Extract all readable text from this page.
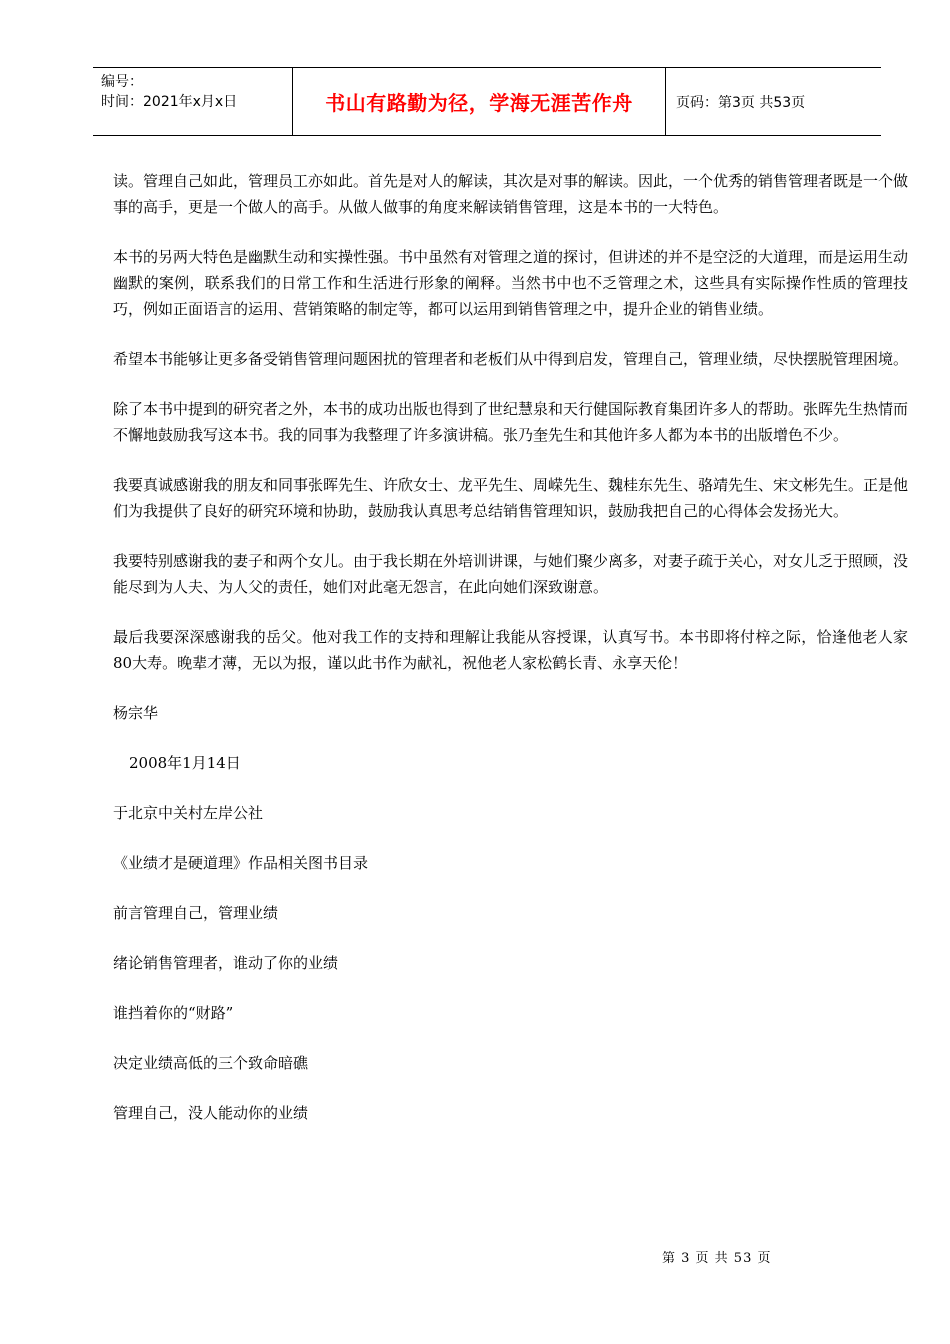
编号：
时间：2021年x月x日	书山有路勤为径，学海无涯苦作舟	页码：第3页 共53页

读。管理自己如此，管理员工亦如此。首先是对人的解读，其次是对事的解读。因此，一个优秀的销售管理者既是一个做事的高手，更是一个做人的高手。从做人做事的角度来解读销售管理，这是本书的一大特色。

本书的另两大特色是幽默生动和实操性强。书中虽然有对管理之道的探讨，但讲述的并不是空泛的大道理，而是运用生动幽默的案例，联系我们的日常工作和生活进行形象的阐释。当然书中也不乏管理之术，这些具有实际操作性质的管理技巧，例如正面语言的运用、营销策略的制定等，都可以运用到销售管理之中，提升企业的销售业绩。

希望本书能够让更多备受销售管理问题困扰的管理者和老板们从中得到启发，管理自己，管理业绩，尽快摆脱管理困境。

除了本书中提到的研究者之外，本书的成功出版也得到了世纪慧泉和天行健国际教育集团许多人的帮助。张晖先生热情而不懈地鼓励我写这本书。我的同事为我整理了许多演讲稿。张乃奎先生和其他许多人都为本书的出版增色不少。

我要真诚感谢我的朋友和同事张晖先生、许欣女士、龙平先生、周嵘先生、魏桂东先生、骆靖先生、宋文彬先生。正是他们为我提供了良好的研究环境和协助，鼓励我认真思考总结销售管理知识，鼓励我把自己的心得体会发扬光大。

我要特别感谢我的妻子和两个女儿。由于我长期在外培训讲课，与她们聚少离多，对妻子疏于关心，对女儿乏于照顾，没能尽到为人夫、为人父的责任，她们对此毫无怨言，在此向她们深致谢意。

最后我要深深感谢我的岳父。他对我工作的支持和理解让我能从容授课，认真写书。本书即将付梓之际，恰逢他老人家80大寿。晚辈才薄，无以为报，谨以此书作为献礼，祝他老人家松鹤长青、永享天伦！

杨宗华

2008年1月14日

于北京中关村左岸公社

《业绩才是硬道理》作品相关图书目录

前言管理自己，管理业绩

绪论销售管理者，谁动了你的业绩

谁挡着你的“财路”

决定业绩高低的三个致命暗礁

管理自己，没人能动你的业绩

第 3 页 共 53 页
